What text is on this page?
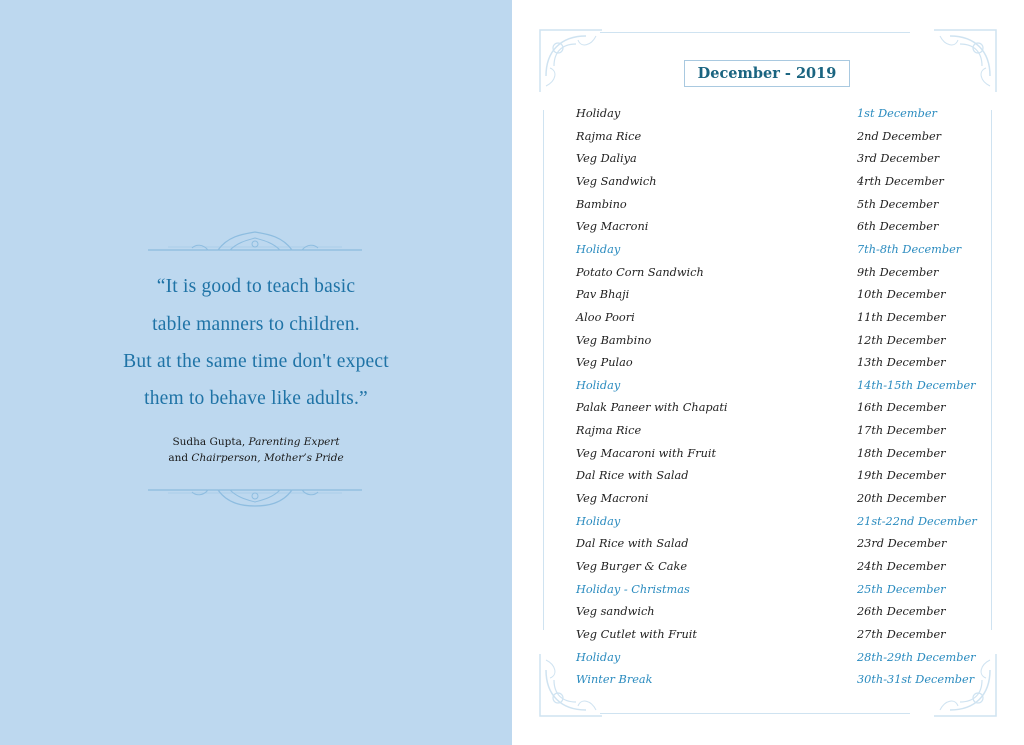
“It is good to teach basic
table manners to children.
But at the same time don't expect
them to behave like adults.”
Sudha Gupta, Parenting Expert
and Chairperson, Mother’s Pride
December - 2019
Holiday	1st December
Rajma Rice	2nd December
Veg Daliya	3rd December
Veg Sandwich	4rth December
Bambino	5th December
Veg Macroni	6th December
Holiday	7th-8th December
Potato Corn Sandwich	9th December
Pav Bhaji	10th December
Aloo Poori	11th December
Veg Bambino	12th December
Veg Pulao	13th December
Holiday	14th-15th December
Palak Paneer with Chapati	16th December
Rajma Rice	17th December
Veg Macaroni with Fruit	18th December
Dal Rice with Salad	19th December
Veg Macroni	20th December
Holiday	21st-22nd December
Dal Rice with Salad	23rd December
Veg Burger & Cake	24th December
Holiday - Christmas	25th December
Veg sandwich	26th December
Veg Cutlet with Fruit	27th December
Holiday	28th-29th December
Winter Break	30th-31st December
